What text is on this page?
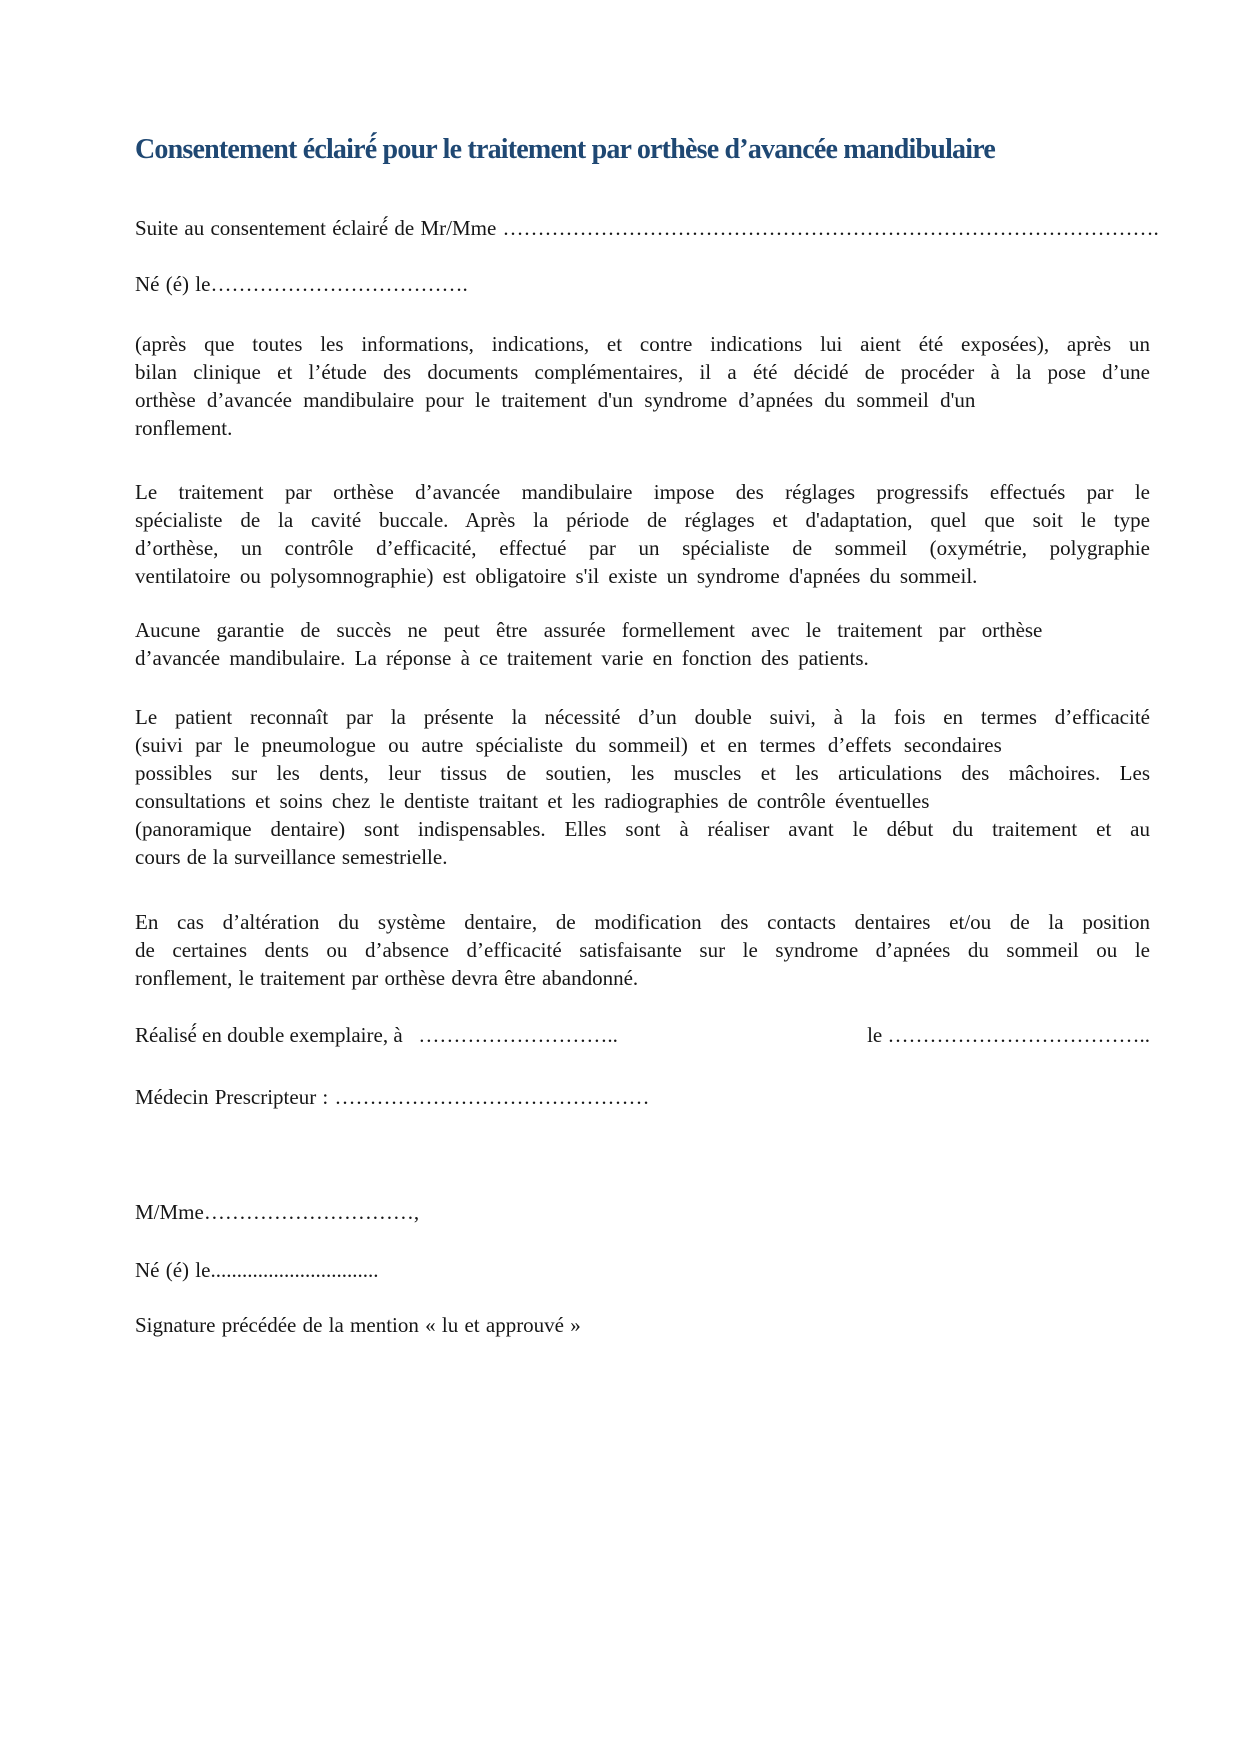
Consentement éclairé́ pour le traitement par orthèse d’avancée mandibulaire
Suite au consentement éclairé́ de Mr/Mme ………………………………………………………………………………….
Né (é) le……………………………….
(après que toutes les informations, indications, et contre indications lui aient été exposées), après un
bilan clinique et l’étude des documents complémentaires, il a été décidé de procéder à la pose d’une
orthèse d’avancée mandibulaire pour le traitement d'un syndrome d’apnées du sommeil d'un
ronflement.
Le traitement par orthèse d’avancée mandibulaire impose des réglages progressifs effectués par le
spécialiste de la cavité buccale. Après la période de réglages et d'adaptation, quel que soit le type
d’orthèse, un contrôle d’efficacité, effectué par un spécialiste de sommeil (oxymétrie, polygraphie
ventilatoire ou polysomnographie) est obligatoire s'il existe un syndrome d'apnées du sommeil.
Aucune garantie de succès ne peut être assurée formellement avec le traitement par orthèse
d’avancée mandibulaire. La réponse à ce traitement varie en fonction des patients.
Le patient reconnaît par la présente la nécessité d’un double suivi, à la fois en termes d’efficacité
(suivi par le pneumologue ou autre spécialiste du sommeil) et en termes d’effets secondaires
possibles sur les dents, leur tissus de soutien, les muscles et les articulations des mâchoires. Les
consultations et soins chez le dentiste traitant et les radiographies de contrôle éventuelles
(panoramique dentaire) sont indispensables. Elles sont à réaliser avant le début du traitement et au
cours de la surveillance semestrielle.
En cas d’altération du système dentaire, de modification des contacts dentaires et/ou de la position
de certaines dents ou d’absence d’efficacité satisfaisante sur le syndrome d’apnées du sommeil ou le
ronflement, le traitement par orthèse devra être abandonné.
Réalisé́ en double exemplaire, à   ………………………..	le ………………………………..
Médecin Prescripteur : ………………………………………
M/Mme…………………………,
Né (é) le................................
Signature précédée de la mention « lu et approuvé »
